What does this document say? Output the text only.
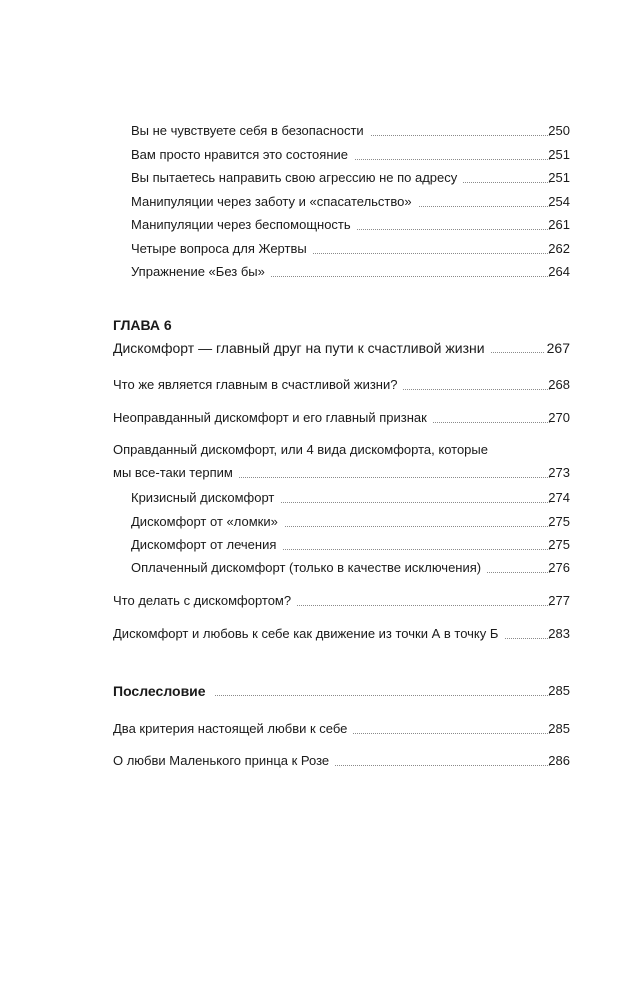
Вы не чувствуете себя в безопасности	250
Вам просто нравится это состояние	251
Вы пытаетесь направить свою агрессию не по адресу	251
Манипуляции через заботу и «спасательство»	254
Манипуляции через беспомощность	261
Четыре вопроса для Жертвы	262
Упражнение «Без бы»	264
ГЛАВА 6
Дискомфорт — главный друг на пути к счастливой жизни	267
Что же является главным в счастливой жизни?	268
Неоправданный дискомфорт и его главный признак	270
Оправданный дискомфорт, или 4 вида дискомфорта, которые
мы все-таки терпим	273
Кризисный дискомфорт	274
Дискомфорт от «ломки»	275
Дискомфорт от лечения	275
Оплаченный дискомфорт (только в качестве исключения)	276
Что делать с дискомфортом?	277
Дискомфорт и любовь к себе как движение из точки А в точку Б	283
Послесловие	285
Два критерия настоящей любви к себе	285
О любви Маленького принца к Розе	286
